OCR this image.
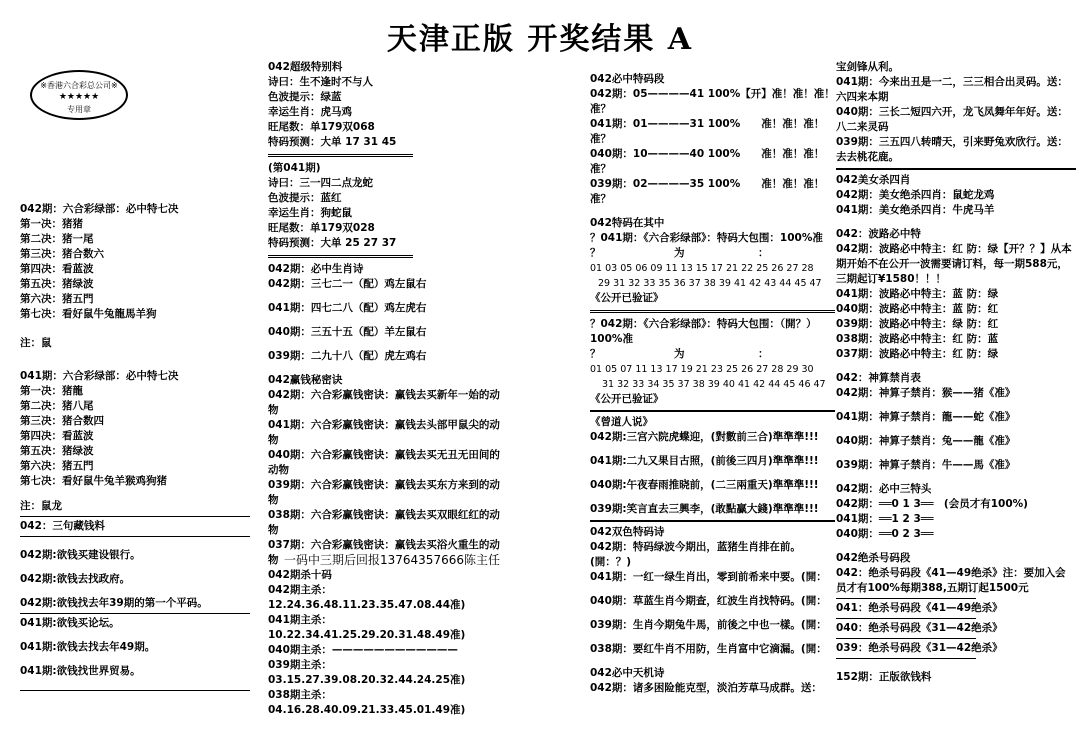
天津正版 开奖结果 A
※香港六合彩总公司※
★★★★★
专用章
042期：六合彩绿部：必中特七决
第一决：猪猪
第二决：猪一尾
第三决：猪合数六
第四决：看蓝波
第五决：猪绿波
第六决：猪五門
第七决：看好鼠牛兔龍馬羊狗
注：鼠
041期：六合彩绿部：必中特七决
第一决：猪龍
第二决：猪八尾
第三决：猪合数四
第四决：看蓝波
第五决：猪绿波
第六决：猪五門
第七决：看好鼠牛兔羊猴鸡狗猪
注：鼠龙
042：三句藏钱料
042期:欲钱买建设银行。
042期:欲钱去找政府。
042期:欲钱找去年39期的第一个平码。
041期:欲钱买论坛。
041期:欲钱去找去年49期。
041期:欲钱找世界贸易。
042超级特别料
诗曰：生不逢时不与人
色波提示：绿蓝
幸运生肖：虎马鸡
旺尾数：单179双068
特码预测：大单 17 31 45
(第041期)
诗曰：三一四二点龙蛇
色波提示：蓝红
幸运生肖：狗蛇鼠
旺尾数：单179双028
特码预测：大单 25 27 37
042期：必中生肖诗
042期：三七二一（配）鸡左鼠右
041期：四七二八（配）鸡左虎右
040期：三五十五（配）羊左鼠右
039期：二九十八（配）虎左鸡右
042赢钱秘密诀
042期：六合彩赢钱密诀：赢钱去买新年一始的动物
041期：六合彩赢钱密诀：赢钱去头部甲鼠尖的动物
040期：六合彩赢钱密诀：赢钱去买无丑无田间的动物
039期：六合彩赢钱密诀：赢钱去买东方来到的动物
038期：六合彩赢钱密诀：赢钱去买双眼红红的动物
037期：六合彩赢钱密诀：赢钱去买浴火重生的动物 一码中三期后回报13764357666陈主任
042期杀十码
042期主杀：12.24.36.48.11.23.35.47.08.44准)
041期主杀：10.22.34.41.25.29.20.31.48.49准)
040期主杀：————————————
039期主杀：03.15.27.39.08.20.32.44.24.25准)
038期主杀：04.16.28.40.09.21.33.45.01.49准)
042必中特码段
042期：05————41 100%【开】准！准！准！准？
041期：01————31 100%　　准！准！准！准？
040期：10————40 100%　　准！准！准！准？
039期：02————35 100%　　准！准！准！准？
042特码在其中
？041期：《六合彩绿部》：特码大包围：100%准
？　　　　　　　为　　　　　　　：
01 03 05 06 09 11 13 15 17 21 22 25 26 27 28
29 31 32 33 35 36 37 38 39 41 42 43 44 45 47
《公开已验证》
？042期：《六合彩绿部》：特码大包围：（開？）100%准
？　　　　　　　为　　　　　　　：
01 05 07 11 13 17 19 21 23 25 26 27 28 29 30
31 32 33 34 35 37 38 39 40 41 42 44 45 46 47
《公开已验证》
《曾道人说》
042期:三宫六院虎蝶迎，(對數前三合)準準準!!!
041期:二九又果目古照，(前後三四月)準準準!!!
040期:午夜春雨推晓前，(二三兩重天)準準準!!!
039期:笑言直去三興李，(敢點贏大錢)準準準!!!
042双色特码诗
042期：特码绿波今期出，蓝猪生肖排在前。(開：？)
041期：一红一绿生肖出，零到前希来中要。(開：
040期：草蓝生肖今期查，红波生肖找特码。(開：
039期：生肖今期兔牛馬，前後之中也一樣。(開：
038期：要红牛肖不用防，生肖富中它滴漏。(開：
042必中天机诗
042期：诸多困险能克型，淡泊芳草马成群。送：
宝剑锋从利。
041期：今来出丑是一二，三三相合出灵码。送：六四来本期
040期：三长二短四六开，龙飞凤舞年年好。送：八二来灵码
039期：三五四八转晴天，引来野兔欢欣行。送：去去桃花鹿。
042美女杀四肖
042期：美女绝杀四肖：鼠蛇龙鸡
041期：美女绝杀四肖：牛虎马羊
042：波路必中特
042期：波路必中特主：红 防：绿【开？？】从本期开始不在公开一波需要请订料，每一期588元，三期起订¥1580！！！
041期：波路必中特主：蓝 防：绿
040期：波路必中特主：蓝 防：红
039期：波路必中特主：绿 防：红
038期：波路必中特主：红 防：蓝
037期：波路必中特主：红 防：绿
042：神算禁肖表
042期：神算子禁肖：猴——猪《准》
041期：神算子禁肖：龍——蛇《准》
040期：神算子禁肖：兔——龍《准》
039期：神算子禁肖：牛——馬《准》
042期：必中三特头
042期：══0 1 3══　(会员才有100%)
041期：══1 2 3══
040期：══0 2 3══
042绝杀号码段
042：绝杀号码段《41—49绝杀》注：要加入会员才有100%每期388,五期订起1500元
041：绝杀号码段《41—49绝杀》
040：绝杀号码段《31—42绝杀》
039：绝杀号码段《31—42绝杀》
152期：正版欲钱料
